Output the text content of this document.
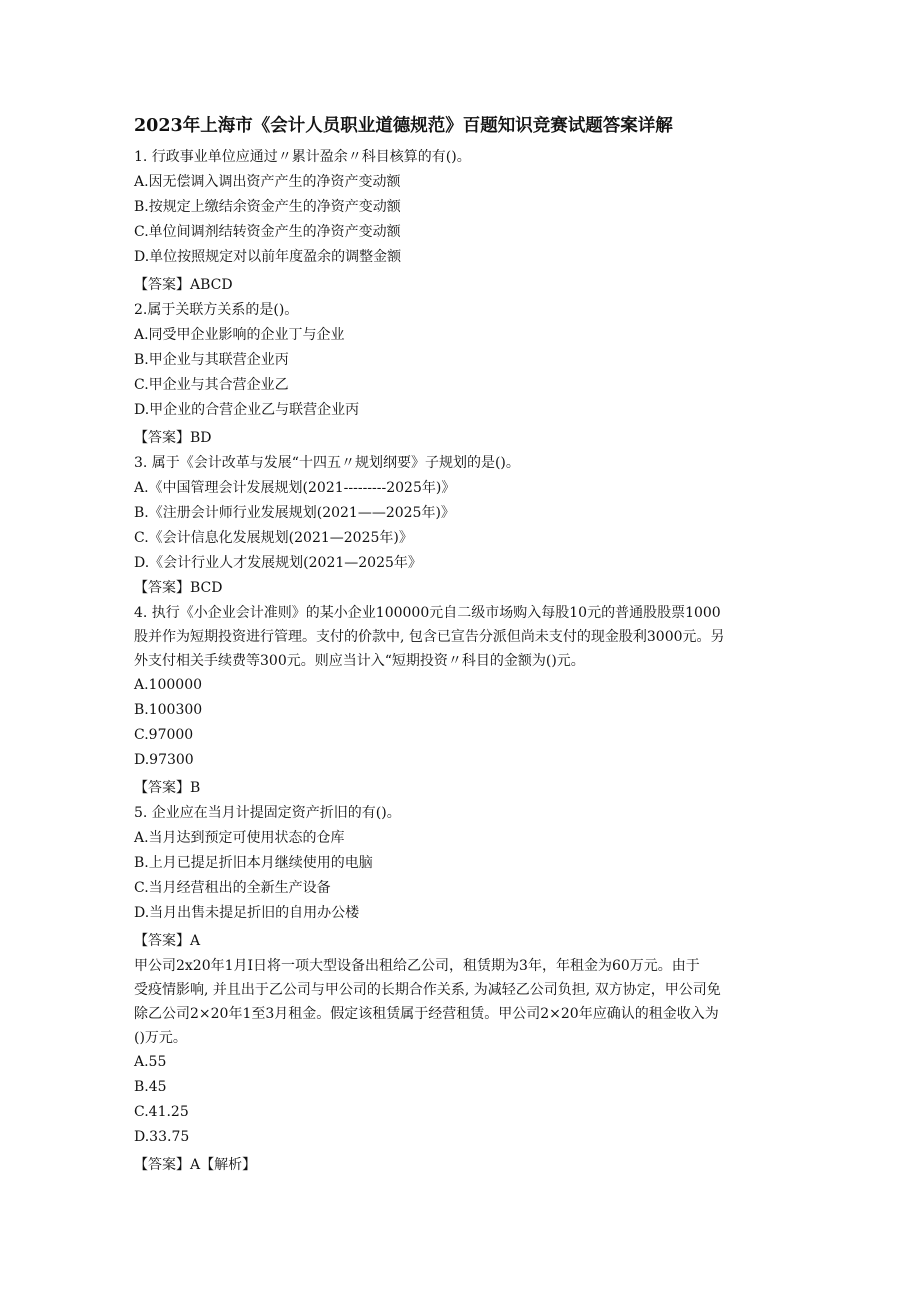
2023年上海市《会计人员职业道德规范》百题知识竞赛试题答案详解
1. 行政事业单位应通过〃累计盈余〃科目核算的有()。
A.因无偿调入调出资产产生的净资产变动额
B.按规定上缴结余资金产生的净资产变动额
C.单位间调剂结转资金产生的净资产变动额
D.单位按照规定对以前年度盈余的调整金额
【答案】ABCD
2.属于关联方关系的是()。
A.同受甲企业影响的企业丁与企业
B.甲企业与其联营企业丙
C.甲企业与其合营企业乙
D.甲企业的合营企业乙与联营企业丙
【答案】BD
3. 属于《会计改革与发展“十四五〃规划纲要》子规划的是()。
A.《中国管理会计发展规划(2021---------2025年)》
B.《注册会计师行业发展规划(2021——2025年)》
C.《会计信息化发展规划(2021—2025年)》
D.《会计行业人才发展规划(2021—2025年》
【答案】BCD
4. 执行《小企业会计准则》的某小企业100000元自二级市场购入每股10元的普通股股票1000
股并作为短期投资进行管理。支付的价款中, 包含已宣告分派但尚未支付的现金股利3000元。另
外支付相关手续费等300元。则应当计入“短期投资〃科目的金额为()元。
A.100000
B.100300
C.97000
D.97300
【答案】B
5. 企业应在当月计提固定资产折旧的有()。
A.当月达到预定可使用状态的仓库
B.上月已提足折旧本月继续使用的电脑
C.当月经营租出的全新生产设备
D.当月出售未提足折旧的自用办公楼
【答案】A
甲公司2x20年1月I日将一项大型设备出租给乙公司，租赁期为3年，年租金为60万元。由于
受疫情影响, 并且出于乙公司与甲公司的长期合作关系, 为减轻乙公司负担, 双方协定，甲公司免
除乙公司2×20年1至3月租金。假定该租赁属于经营租赁。甲公司2×20年应确认的租金收入为
()万元。
A.55
B.45
C.41.25
D.33.75
【答案】A【解析】
